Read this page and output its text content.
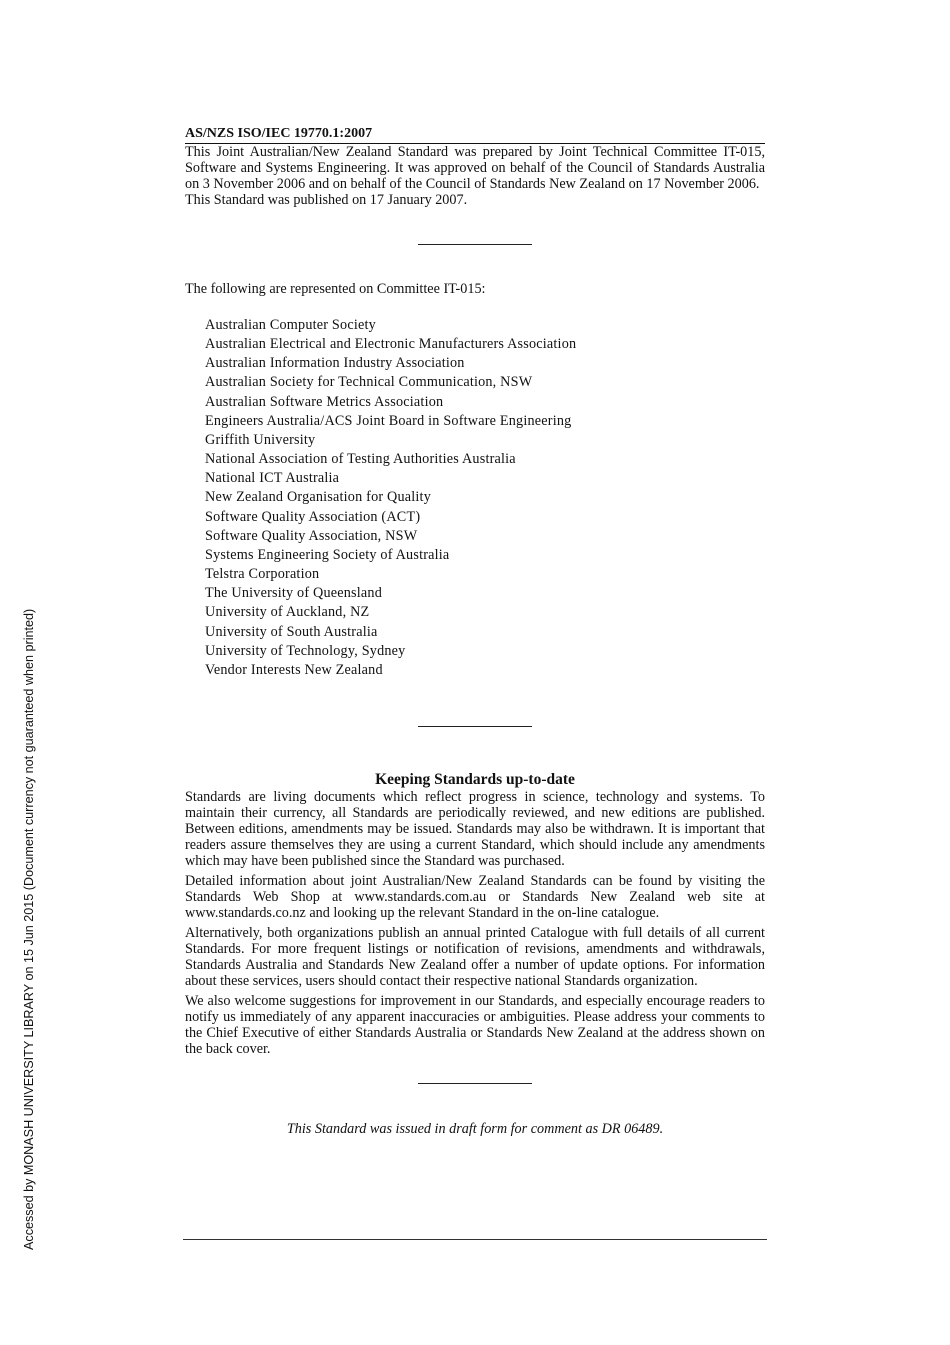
Accessed by MONASH UNIVERSITY LIBRARY on 15 Jun 2015 (Document currency not guaranteed when printed)
AS/NZS ISO/IEC 19770.1:2007

This Joint Australian/New Zealand Standard was prepared by Joint Technical Committee IT-015, Software and Systems Engineering. It was approved on behalf of the Council of Standards Australia on 3 November 2006 and on behalf of the Council of Standards New Zealand on 17 November 2006.

This Standard was published on 17 January 2007.

The following are represented on Committee IT-015:

Australian Computer Society
Australian Electrical and Electronic Manufacturers Association
Australian Information Industry Association
Australian Society for Technical Communication, NSW
Australian Software Metrics Association
Engineers Australia/ACS Joint Board in Software Engineering
Griffith University
National Association of Testing Authorities Australia
National ICT Australia
New Zealand Organisation for Quality
Software Quality Association (ACT)
Software Quality Association, NSW
Systems Engineering Society of Australia
Telstra Corporation
The University of Queensland
University of Auckland, NZ
University of South Australia
University of Technology, Sydney
Vendor Interests New Zealand
Keeping Standards up-to-date

Standards are living documents which reflect progress in science, technology and systems. To maintain their currency, all Standards are periodically reviewed, and new editions are published. Between editions, amendments may be issued. Standards may also be withdrawn. It is important that readers assure themselves they are using a current Standard, which should include any amendments which may have been published since the Standard was purchased.

Detailed information about joint Australian/New Zealand Standards can be found by visiting the Standards Web Shop at www.standards.com.au or Standards New Zealand web site at www.standards.co.nz and looking up the relevant Standard in the on-line catalogue.

Alternatively, both organizations publish an annual printed Catalogue with full details of all current Standards. For more frequent listings or notification of revisions, amendments and withdrawals, Standards Australia and Standards New Zealand offer a number of update options. For information about these services, users should contact their respective national Standards organization.

We also welcome suggestions for improvement in our Standards, and especially encourage readers to notify us immediately of any apparent inaccuracies or ambiguities. Please address your comments to the Chief Executive of either Standards Australia or Standards New Zealand at the address shown on the back cover.

This Standard was issued in draft form for comment as DR 06489.
